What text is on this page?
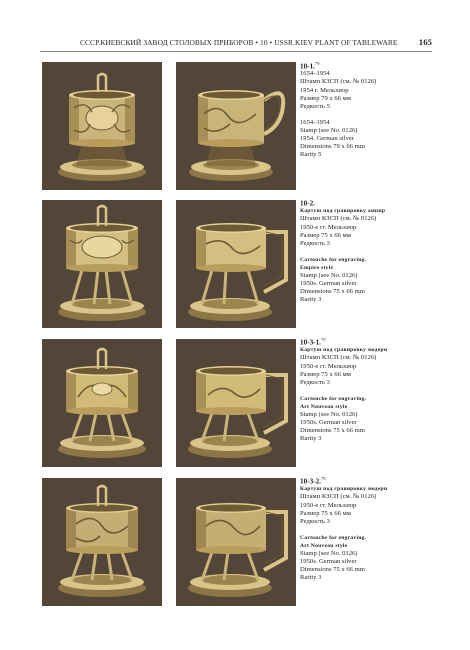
СССР.КИЕВСКИЙ ЗАВОД СТОЛОВЫХ ПРИБОРОВ • 10 • USSR.KIEV PLANT OF TABLEWARE 165
10-1.79
1654–1954
Штамп КЗСП (см. № 0126)
1954 г. Мельхиор
Размер 79 x 66 мм
Редкость 5
1654–1954
Stamp (see No. 0126)
1954. German silver
Dimensions 79 x 66 mm
Rarity 5
10-2.
Картуш под гравировку ампир
Штамп КЗСП (см. № 0126)
1950-е гг. Мельхиор
Размер 75 x 66 мм
Редкость 3
Cartouche for engraving.
Empire style
Stamp (see No. 0126)
1950s. German silver
Dimensions 75 x 66 mm
Rarity 3
10-3-1.79
Картуш под гравировку модерн
Штамп КЗСП (см. № 0126)
1950-е гг. Мельхиор
Размер 75 x 66 мм
Редкость 3
Cartouche for engraving.
Art Nouveau style
Stamp (see No. 0126)
1950s. German silver
Dimensions 75 x 66 mm
Rarity 3
10-3-2.79
Картуш под гравировку модерн
Штамп КЗСП (см. № 0126)
1950-е гг. Мельхиор
Размер 75 x 66 мм
Редкость 3
Cartouche for engraving.
Art Nouveau style
Stamp (see No. 0126)
1950s. German silver
Dimensions 75 x 66 mm
Rarity 3
